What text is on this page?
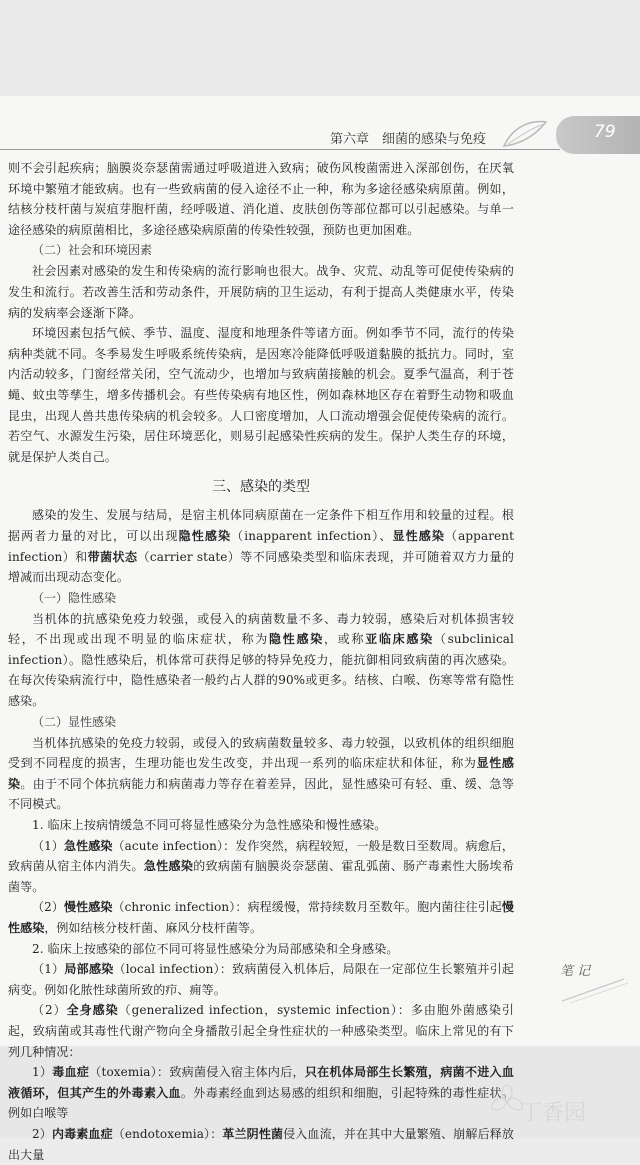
第六章　细菌的感染与免疫	79

则不会引起疾病；脑膜炎奈瑟菌需通过呼吸道进入致病；破伤风梭菌需进入深部创伤，在厌氧环境中繁殖才能致病。也有一些致病菌的侵入途径不止一种，称为多途径感染病原菌。例如，结核分枝杆菌与炭疽芽胞杆菌，经呼吸道、消化道、皮肤创伤等部位都可以引起感染。与单一途径感染的病原菌相比，多途径感染病原菌的传染性较强，预防也更加困难。

（二）社会和环境因素

社会因素对感染的发生和传染病的流行影响也很大。战争、灾荒、动乱等可促使传染病的发生和流行。若改善生活和劳动条件，开展防病的卫生运动，有利于提高人类健康水平，传染病的发病率会逐渐下降。

环境因素包括气候、季节、温度、湿度和地理条件等诸方面。例如季节不同，流行的传染病种类就不同。冬季易发生呼吸系统传染病，是因寒冷能降低呼吸道黏膜的抵抗力。同时，室内活动较多，门窗经常关闭，空气流动少，也增加与致病菌接触的机会。夏季气温高，利于苍蝇、蚊虫等孳生，增多传播机会。有些传染病有地区性，例如森林地区存在着野生动物和吸血昆虫，出现人兽共患传染病的机会较多。人口密度增加，人口流动增强会促使传染病的流行。若空气、水源发生污染，居住环境恶化，则易引起感染性疾病的发生。保护人类生存的环境，就是保护人类自己。

三、感染的类型

感染的发生、发展与结局，是宿主机体同病原菌在一定条件下相互作用和较量的过程。根据两者力量的对比，可以出现隐性感染（inapparent infection）、显性感染（apparent infection）和带菌状态（carrier state）等不同感染类型和临床表现，并可随着双方力量的增减而出现动态变化。

（一）隐性感染

当机体的抗感染免疫力较强，或侵入的病菌数量不多、毒力较弱，感染后对机体损害较轻，不出现或出现不明显的临床症状，称为隐性感染，或称亚临床感染（subclinical infection）。隐性感染后，机体常可获得足够的特异免疫力，能抗御相同致病菌的再次感染。在每次传染病流行中，隐性感染者一般约占人群的90%或更多。结核、白喉、伤寒等常有隐性感染。

（二）显性感染

当机体抗感染的免疫力较弱，或侵入的致病菌数量较多、毒力较强，以致机体的组织细胞受到不同程度的损害，生理功能也发生改变，并出现一系列的临床症状和体征，称为显性感染。由于不同个体抗病能力和病菌毒力等存在着差异，因此，显性感染可有轻、重、缓、急等不同模式。

1. 临床上按病情缓急不同可将显性感染分为急性感染和慢性感染。

（1）急性感染（acute infection）：发作突然，病程较短，一般是数日至数周。病愈后，致病菌从宿主体内消失。急性感染的致病菌有脑膜炎奈瑟菌、霍乱弧菌、肠产毒素性大肠埃希菌等。

（2）慢性感染（chronic infection）：病程缓慢，常持续数月至数年。胞内菌往往引起慢性感染，例如结核分枝杆菌、麻风分枝杆菌等。

2. 临床上按感染的部位不同可将显性感染分为局部感染和全身感染。

（1）局部感染（local infection）：致病菌侵入机体后，局限在一定部位生长繁殖并引起病变。例如化脓性球菌所致的疖、痈等。

（2）全身感染（generalized infection，systemic infection）：多由胞外菌感染引起，致病菌或其毒性代谢产物向全身播散引起全身性症状的一种感染类型。临床上常见的有下列几种情况：

1）毒血症（toxemia）：致病菌侵入宿主体内后，只在机体局部生长繁殖，病菌不进入血液循环，但其产生的外毒素入血。外毒素经血到达易感的组织和细胞，引起特殊的毒性症状。例如白喉等

2）内毒素血症（endotoxemia）：革兰阴性菌侵入血流，并在其中大量繁殖、崩解后释放出大量

笔 记
丁香园
